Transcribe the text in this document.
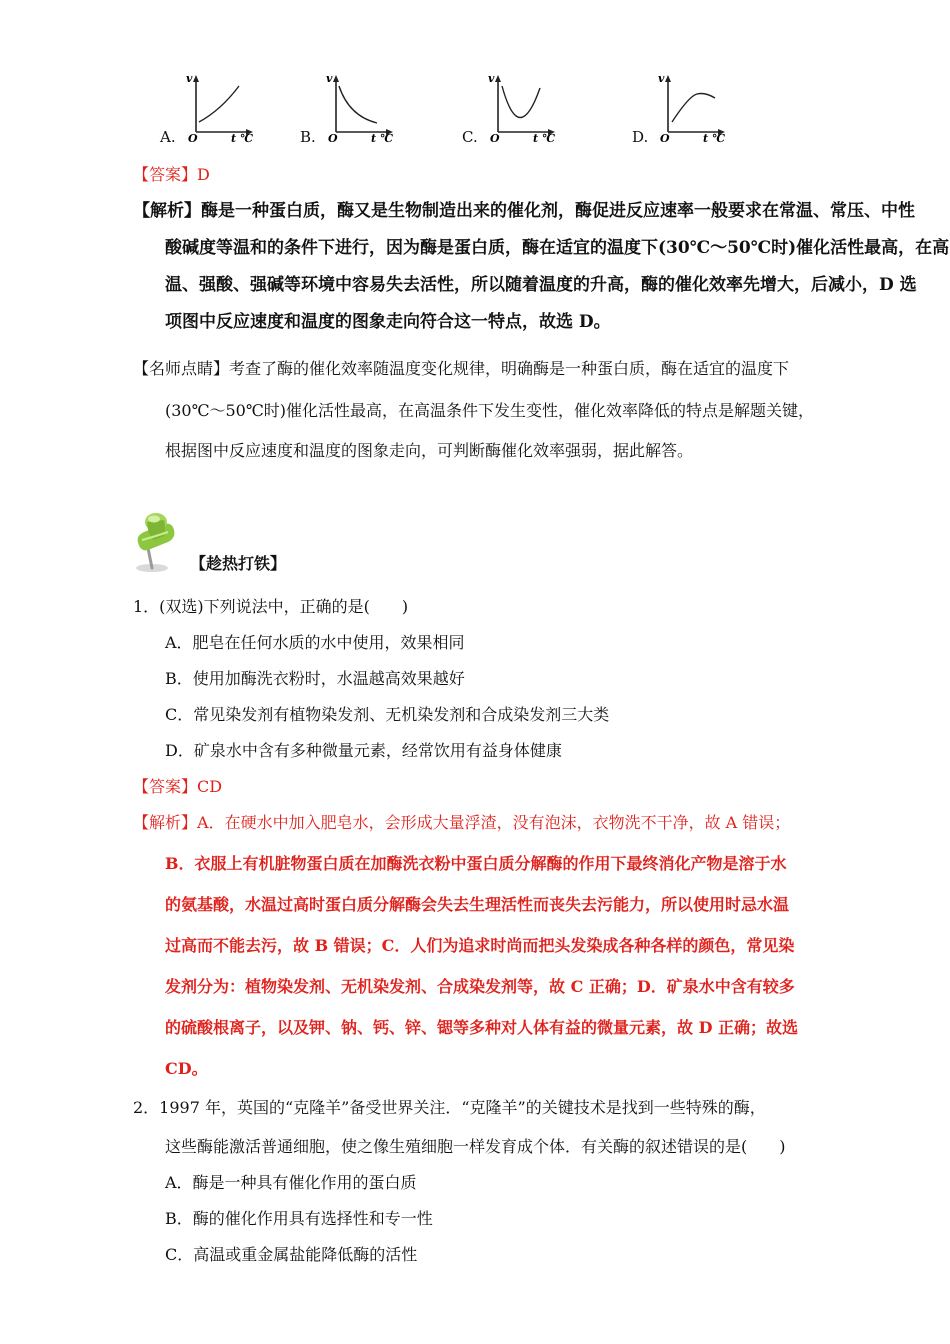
A.
v
O	t ℃	B.
v
O	t ℃	C.
v
O	t ℃	D.
v
O	t ℃
【答案】D
【解析】酶是一种蛋白质，酶又是生物制造出来的催化剂，酶促进反应速率一般要求在常温、常压、中性
酸碱度等温和的条件下进行，因为酶是蛋白质，酶在适宜的温度下(30℃～50℃时)催化活性最高，在高
温、强酸、强碱等环境中容易失去活性，所以随着温度的升高，酶的催化效率先增大，后减小，D 选
项图中反应速度和温度的图象走向符合这一特点，故选 D。
【名师点睛】考查了酶的催化效率随温度变化规律，明确酶是一种蛋白质，酶在适宜的温度下
(30℃～50℃时)催化活性最高，在高温条件下发生变性，催化效率降低的特点是解题关键，
根据图中反应速度和温度的图象走向，可判断酶催化效率强弱，据此解答。
【趁热打铁】
1．(双选)下列说法中，正确的是(　　)
A．肥皂在任何水质的水中使用，效果相同
B．使用加酶洗衣粉时，水温越高效果越好
C．常见染发剂有植物染发剂、无机染发剂和合成染发剂三大类
D．矿泉水中含有多种微量元素，经常饮用有益身体健康
【答案】CD
【解析】A．在硬水中加入肥皂水，会形成大量浮渣，没有泡沫，衣物洗不干净，故 A 错误；
B．衣服上有机脏物蛋白质在加酶洗衣粉中蛋白质分解酶的作用下最终消化产物是溶于水
的氨基酸，水温过高时蛋白质分解酶会失去生理活性而丧失去污能力，所以使用时忌水温
过高而不能去污，故 B 错误；C．人们为追求时尚而把头发染成各种各样的颜色，常见染
发剂分为：植物染发剂、无机染发剂、合成染发剂等，故 C 正确；D．矿泉水中含有较多
的硫酸根离子，以及钾、钠、钙、锌、锶等多种对人体有益的微量元素，故 D 正确；故选
CD。
2．1997 年，英国的“克隆羊”备受世界关注．“克隆羊”的关键技术是找到一些特殊的酶，
这些酶能激活普通细胞，使之像生殖细胞一样发育成个体．有关酶的叙述错误的是(　　)
A．酶是一种具有催化作用的蛋白质
B．酶的催化作用具有选择性和专一性
C．高温或重金属盐能降低酶的活性
